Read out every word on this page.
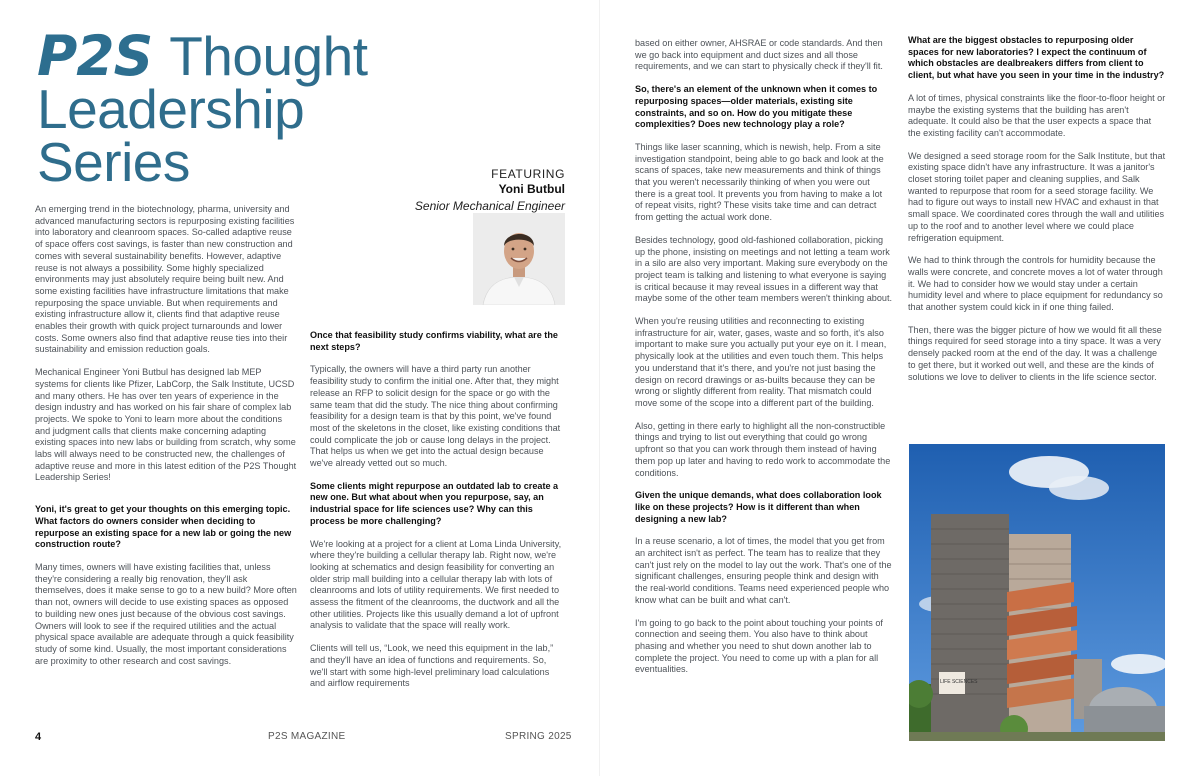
P2S Thought
Leadership
Series	FEATURING
Yoni Butbul
Senior Mechanical Engineer

An emerging trend in the biotechnology, pharma, university and advanced manufacturing sectors is repurposing existing facilities into laboratory and cleanroom spaces. So-called adaptive reuse of space offers cost savings, is faster than new construction and comes with several sustainability benefits. However, adaptive reuse is not always a possibility. Some highly specialized environments may just absolutely require being built new. And some existing facilities have infrastructure limitations that make repurposing the space unviable. But when requirements and existing infrastructure allow it, clients find that adaptive reuse enables their growth with quick project turnarounds and lower costs. Some owners also find that adaptive reuse ties into their sustainability and emission reduction goals.

Mechanical Engineer Yoni Butbul has designed lab MEP systems for clients like Pfizer, LabCorp, the Salk Institute, UCSD and many others. He has over ten years of experience in the design industry and has worked on his fair share of complex lab projects. We spoke to Yoni to learn more about the conditions and judgment calls that clients make concerning adapting existing spaces into new labs or building from scratch, why some labs will always need to be constructed new, the challenges of adaptive reuse and more in this latest edition of the P2S Thought Leadership Series!

Yoni, it's great to get your thoughts on this emerging topic. What factors do owners consider when deciding to repurpose an existing space for a new lab or going the new construction route?

Many times, owners will have existing facilities that, unless they're considering a really big renovation, they'll ask themselves, does it make sense to go to a new build? More often than not, owners will decide to use existing spaces as opposed to building new ones just because of the obvious cost savings. Owners will look to see if the required utilities and the actual physical space available are adequate through a quick feasibility study of some kind. Usually, the most important considerations are proximity to other research and cost savings.

Once that feasibility study confirms viability, what are the next steps?

Typically, the owners will have a third party run another feasibility study to confirm the initial one. After that, they might release an RFP to solicit design for the space or go with the same team that did the study. The nice thing about confirming feasibility for a design team is that by this point, we've found most of the skeletons in the closet, like existing conditions that could complicate the job or cause long delays in the project. That helps us when we get into the actual design because we've already vetted out so much.

Some clients might repurpose an outdated lab to create a new one. But what about when you repurpose, say, an industrial space for life sciences use? Why can this process be more challenging?

We're looking at a project for a client at Loma Linda University, where they're building a cellular therapy lab. Right now, we're looking at schematics and design feasibility for converting an older strip mall building into a cellular therapy lab with lots of cleanrooms and lots of utility requirements. We first needed to assess the fitment of the cleanrooms, the ductwork and all the other utilities. Projects like this usually demand a lot of upfront analysis to validate that the space will really work.

Clients will tell us, “Look, we need this equipment in the lab,” and they'll have an idea of functions and requirements. So, we'll start with some high-level preliminary load calculations and airflow requirements

4	P2S MAGAZINE	SPRING 2025

based on either owner, AHSRAE or code standards. And then we go back into equipment and duct sizes and all those requirements, and we can start to physically check if they'll fit.

So, there's an element of the unknown when it comes to repurposing spaces—older materials, existing site constraints, and so on. How do you mitigate these complexities? Does new technology play a role?

Things like laser scanning, which is newish, help. From a site investigation standpoint, being able to go back and look at the scans of spaces, take new measurements and think of things that you weren't necessarily thinking of when you were out there is a great tool. It prevents you from having to make a lot of repeat visits, right? These visits take time and can detract from getting the actual work done.

Besides technology, good old-fashioned collaboration, picking up the phone, insisting on meetings and not letting a team work in a silo are also very important. Making sure everybody on the project team is talking and listening to what everyone is saying is critical because it may reveal issues in a different way that maybe some of the other team members weren't thinking about.

When you're reusing utilities and reconnecting to existing infrastructure for air, water, gases, waste and so forth, it's also important to make sure you actually put your eye on it. I mean, physically look at the utilities and even touch them. This helps you understand that it's there, and you're not just basing the design on record drawings or as-builts because they can be wrong or slightly different from reality. That mismatch could move some of the scope into a different part of the building.

Also, getting in there early to highlight all the non-constructible things and trying to list out everything that could go wrong upfront so that you can work through them instead of having them pop up later and having to redo work to accommodate the conditions.

Given the unique demands, what does collaboration look like on these projects? How is it different than when designing a new lab?

In a reuse scenario, a lot of times, the model that you get from an architect isn't as perfect. The team has to realize that they can't just rely on the model to lay out the work. That's one of the significant challenges, ensuring people think and design with the real-world conditions. Teams need experienced people who know what can be built and what can't.

I'm going to go back to the point about touching your points of connection and seeing them. You also have to think about phasing and whether you need to shut down another lab to complete the project. You need to come up with a plan for all eventualities.

What are the biggest obstacles to repurposing older spaces for new laboratories? I expect the continuum of which obstacles are dealbreakers differs from client to client, but what have you seen in your time in the industry?

A lot of times, physical constraints like the floor-to-floor height or maybe the existing systems that the building has aren't adequate. It could also be that the user expects a space that the existing facility can't accommodate.

We designed a seed storage room for the Salk Institute, but that existing space didn't have any infrastructure. It was a janitor's closet storing toilet paper and cleaning supplies, and Salk wanted to repurpose that room for a seed storage facility. We had to figure out ways to install new HVAC and exhaust in that small space. We coordinated cores through the wall and utilities up to the roof and to another level where we could place refrigeration equipment.

We had to think through the controls for humidity because the walls were concrete, and concrete moves a lot of water through it. We had to consider how we would stay under a certain humidity level and where to place equipment for redundancy so that another system could kick in if one thing failed.

Then, there was the bigger picture of how we would fit all these things required for seed storage into a tiny space. It was a very densely packed room at the end of the day. It was a challenge to get there, but it worked out well, and these are the kinds of solutions we love to deliver to clients in the life science sector.

LIFE SCIENCES
